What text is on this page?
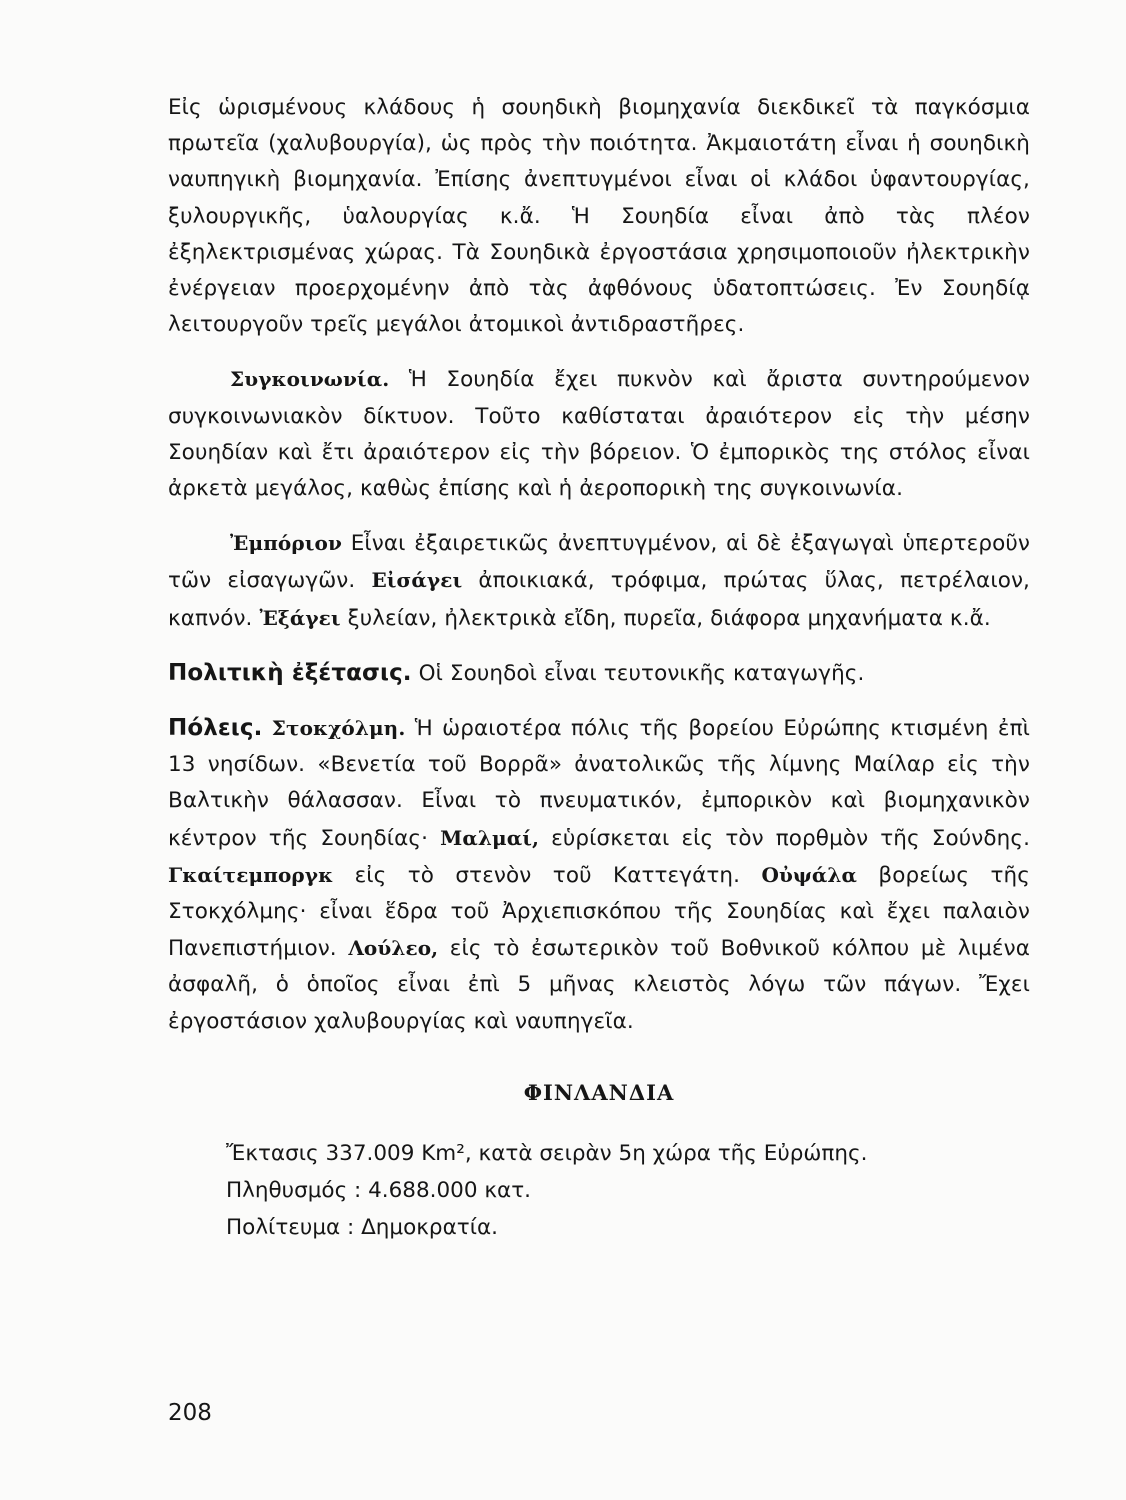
Εἰς ὡρισμένους κλάδους ἡ σουηδικὴ βιομηχανία διεκδικεῖ τὰ παγκόσμια πρωτεῖα (χαλυβουργία), ὡς πρὸς τὴν ποιότητα. Ἀκμαιοτάτη εἶναι ἡ σουηδικὴ ναυπηγικὴ βιομηχανία. Ἐπίσης ἀνεπτυγμένοι εἶναι οἱ κλάδοι ὑφαντουργίας, ξυλουργικῆς, ὑαλουργίας κ.ἄ. Ἡ Σουηδία εἶναι ἀπὸ τὰς πλέον ἐξηλεκτρισμένας χώρας. Τὰ Σουηδικὰ ἐργοστάσια χρησιμοποιοῦν ἠλεκτρικὴν ἐνέργειαν προερχομένην ἀπὸ τὰς ἀφθόνους ὑδατοπτώσεις. Ἐν Σουηδίᾳ λειτουργοῦν τρεῖς μεγάλοι ἀτομικοὶ ἀντιδραστῆρες.

Συγκοινωνία. Ἡ Σουηδία ἔχει πυκνὸν καὶ ἄριστα συντηρούμενον συγκοινωνιακὸν δίκτυον. Τοῦτο καθίσταται ἀραιότερον εἰς τὴν μέσην Σουηδίαν καὶ ἔτι ἀραιότερον εἰς τὴν βόρειον. Ὁ ἐμπορικὸς της στόλος εἶναι ἀρκετὰ μεγάλος, καθὼς ἐπίσης καὶ ἡ ἀεροπορικὴ της συγκοινωνία.

Ἐμπόριον Εἶναι ἐξαιρετικῶς ἀνεπτυγμένον, αἱ δὲ ἐξαγωγαὶ ὑπερτεροῦν τῶν εἰσαγωγῶν. Εἰσάγει ἀποικιακά, τρόφιμα, πρώτας ὕλας, πετρέλαιον, καπνόν. Ἐξάγει ξυλείαν, ἠλεκτρικὰ εἴδη, πυρεῖα, διάφορα μηχανήματα κ.ἄ.

Πολιτικὴ ἐξέτασις. Οἱ Σουηδοὶ εἶναι τευτονικῆς καταγωγῆς.

Πόλεις. Στοκχόλμη. Ἡ ὡραιοτέρα πόλις τῆς βορείου Εὐρώπης κτισμένη ἐπὶ 13 νησίδων. «Βενετία τοῦ Βορρᾶ» ἀνατολικῶς τῆς λίμνης Μαίλαρ εἰς τὴν Βαλτικὴν θάλασσαν. Εἶναι τὸ πνευματικόν, ἐμπορικὸν καὶ βιομηχανικὸν κέντρον τῆς Σουηδίας· Μαλμαί, εὑρίσκεται εἰς τὸν πορθμὸν τῆς Σούνδης. Γκαίτεμποργκ εἰς τὸ στενὸν τοῦ Καττεγάτη. Οὐψάλα βορείως τῆς Στοκχόλμης· εἶναι ἕδρα τοῦ Ἀρχιεπισκόπου τῆς Σουηδίας καὶ ἔχει παλαιὸν Πανεπιστήμιον. Λούλεο, εἰς τὸ ἐσωτερικὸν τοῦ Βοθνικοῦ κόλπου μὲ λιμένα ἀσφαλῆ, ὁ ὁποῖος εἶναι ἐπὶ 5 μῆνας κλειστὸς λόγω τῶν πάγων. Ἔχει ἐργοστάσιον χαλυβουργίας καὶ ναυπηγεῖα.

ΦΙΝΛΑΝΔΙΑ
Ἔκτασις 337.009 Km², κατὰ σειρὰν 5η χώρα τῆς Εὐρώπης.
Πληθυσμός : 4.688.000 κατ.
Πολίτευμα : Δημοκρατία.
208
